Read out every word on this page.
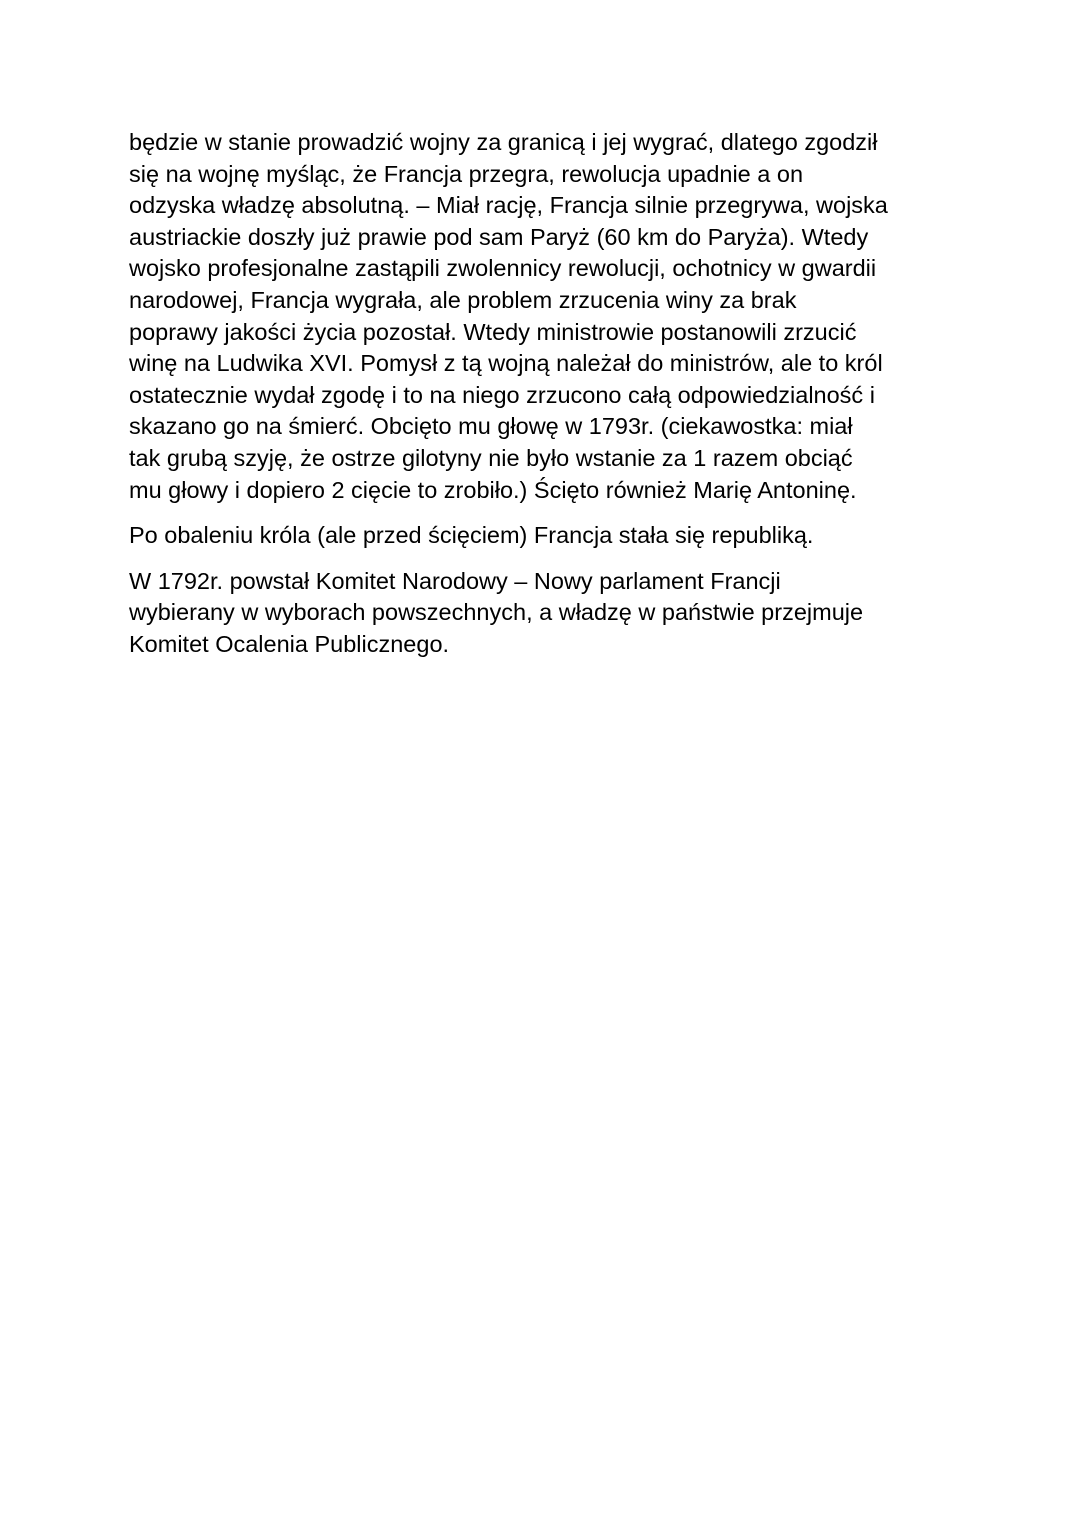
będzie w stanie prowadzić wojny za granicą i jej wygrać, dlatego zgodził
się na wojnę myśląc, że Francja przegra, rewolucja upadnie a on
odzyska władzę absolutną. – Miał rację, Francja silnie przegrywa, wojska
austriackie doszły już prawie pod sam Paryż (60 km do Paryża). Wtedy
wojsko profesjonalne zastąpili zwolennicy rewolucji, ochotnicy w gwardii
narodowej, Francja wygrała, ale problem zrzucenia winy za brak
poprawy jakości życia pozostał. Wtedy ministrowie postanowili zrzucić
winę na Ludwika XVI. Pomysł z tą wojną należał do ministrów, ale to król
ostatecznie wydał zgodę i to na niego zrzucono całą odpowiedzialność i
skazano go na śmierć. Obcięto mu głowę w 1793r. (ciekawostka: miał
tak grubą szyję, że ostrze gilotyny nie było wstanie za 1 razem obciąć
mu głowy i dopiero 2 cięcie to zrobiło.) Ścięto również Marię Antoninę.

Po obaleniu króla (ale przed ścięciem) Francja stała się republiką.

W 1792r. powstał Komitet Narodowy – Nowy parlament Francji
wybierany w wyborach powszechnych, a władzę w państwie przejmuje
Komitet Ocalenia Publicznego.
